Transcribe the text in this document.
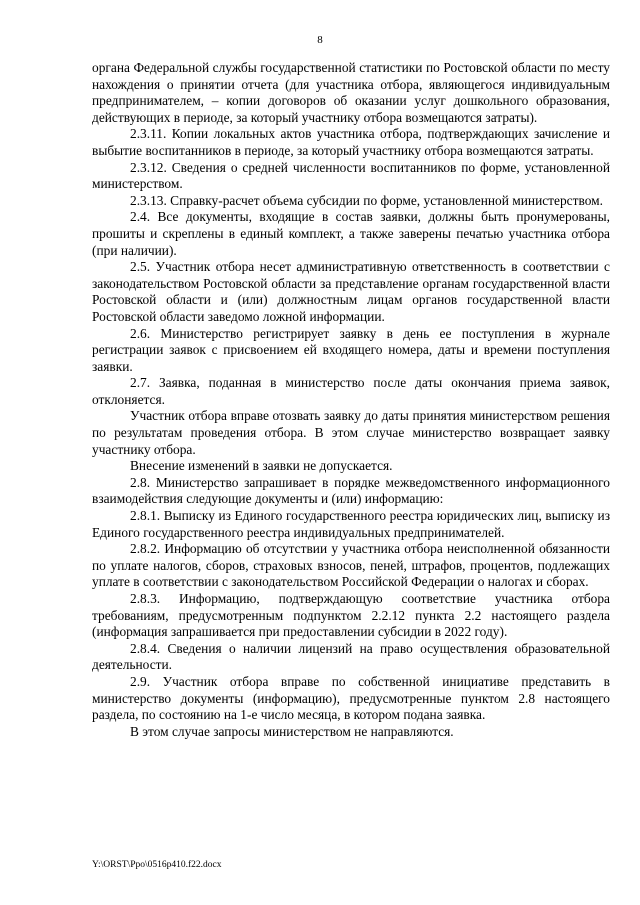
8

органа Федеральной службы государственной статистики по Ростовской области по месту нахождения о принятии отчета (для участника отбора, являющегося индивидуальным предпринимателем, – копии договоров об оказании услуг дошкольного образования, действующих в периоде, за который участнику отбора возмещаются затраты).

2.3.11. Копии локальных актов участника отбора, подтверждающих зачисление и выбытие воспитанников в периоде, за который участнику отбора возмещаются затраты.

2.3.12. Сведения о средней численности воспитанников по форме, установленной министерством.

2.3.13. Справку-расчет объема субсидии по форме, установленной министерством.

2.4. Все документы, входящие в состав заявки, должны быть пронумерованы, прошиты и скреплены в единый комплект, а также заверены печатью участника отбора (при наличии).

2.5. Участник отбора несет административную ответственность в соответствии с законодательством Ростовской области за представление органам государственной власти Ростовской области и (или) должностным лицам органов государственной власти Ростовской области заведомо ложной информации.

2.6. Министерство регистрирует заявку в день ее поступления в журнале регистрации заявок с присвоением ей входящего номера, даты и времени поступления заявки.

2.7. Заявка, поданная в министерство после даты окончания приема заявок, отклоняется.

Участник отбора вправе отозвать заявку до даты принятия министерством решения по результатам проведения отбора. В этом случае министерство возвращает заявку участнику отбора.

Внесение изменений в заявки не допускается.

2.8. Министерство запрашивает в порядке межведомственного информационного взаимодействия следующие документы и (или) информацию:

2.8.1. Выписку из Единого государственного реестра юридических лиц, выписку из Единого государственного реестра индивидуальных предпринимателей.

2.8.2. Информацию об отсутствии у участника отбора неисполненной обязанности по уплате налогов, сборов, страховых взносов, пеней, штрафов, процентов, подлежащих уплате в соответствии с законодательством Российской Федерации о налогах и сборах.

2.8.3. Информацию, подтверждающую соответствие участника отбора требованиям, предусмотренным подпунктом 2.2.12 пункта 2.2 настоящего раздела (информация запрашивается при предоставлении субсидии в 2022 году).

2.8.4. Сведения о наличии лицензий на право осуществления образовательной деятельности.

2.9. Участник отбора вправе по собственной инициативе представить в министерство документы (информацию), предусмотренные пунктом 2.8 настоящего раздела, по состоянию на 1-е число месяца, в котором подана заявка.

В этом случае запросы министерством не направляются.

Y:\ORST\Ppo\0516p410.f22.docx
